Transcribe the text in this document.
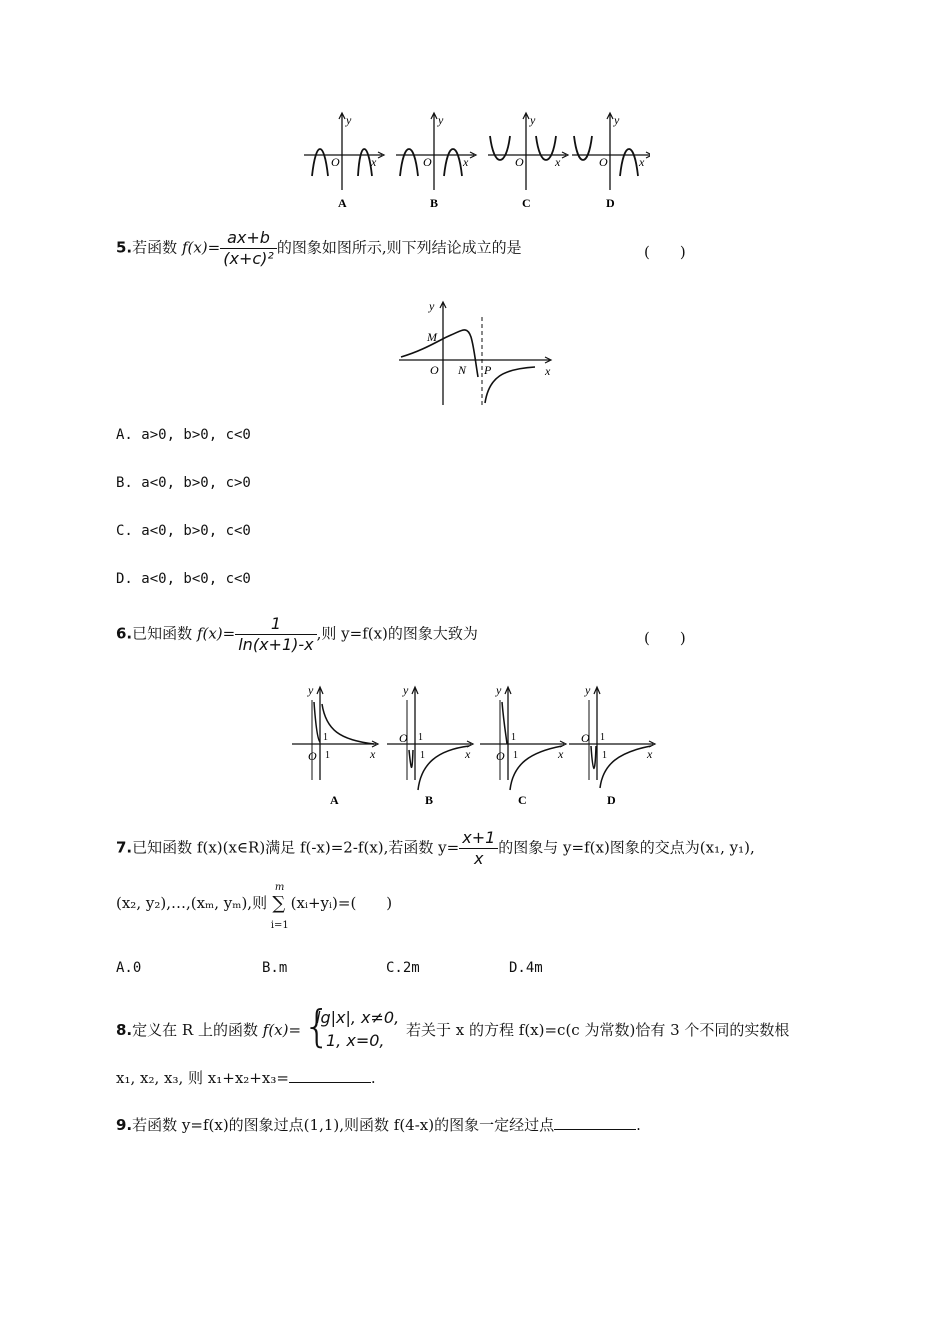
y
x
O
A
y
x
O
B
y
x
O
C
y
x
O
D
5.若函数 $f(x)= \frac{ax+b}{\text{(x+c)²}}$ 的图象如图所示,则下列结论成立的是	(　　)
y
x
M
O N P
A. a>0, b>0, c<0
B. a<0, b>0, c>0
C. a<0, b>0, c<0
D. a<0, b<0, c<0
6.已知函数 $f(x)= \frac{1}{\ln(x+1)-x}$ ,则 y=f(x)的图象大致为	(　　)
y
x
O
1
1
A
y
x
O 1
1
B
y
x
O
1
1
C
y
x
O 1
1
D
7.已知函数 f(x)(x∈R)满足 f(-x)=2-f(x),若函数 $y= \frac{x+1}{x}$ 的图象与 y=f(x)图象的交点为(x₁, y₁),
(x₂, y₂),…,(xₘ, yₘ),则
m
∑
i=1
(xᵢ+yᵢ)=(　　)
A.0	B.m	C.2m	D.4m
8.定义在 R 上的函数 f(x)= {
lg|x|, x≠0,
1, x=0,
若关于 x 的方程 f(x)=c(c 为常数)恰有 3 个不同的实数根
x₁, x₂, x₃, 则 x₁+x₂+x₃=	.
9.若函数 y=f(x)的图象过点(1,1),则函数 f(4-x)的图象一定经过点	.
